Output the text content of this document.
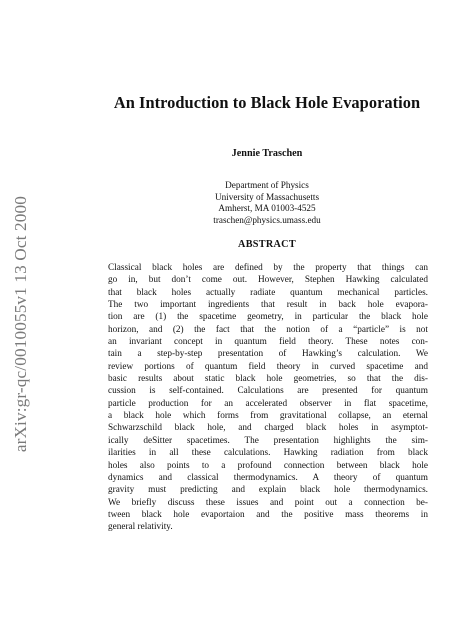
arXiv:gr-qc/0010055v1 13 Oct 2000
An Introduction to Black Hole Evaporation

Jennie Traschen

Department of Physics
University of Massachusetts
Amherst, MA 01003-4525
traschen@physics.umass.edu
ABSTRACT
Classical black holes are defined by the property that things can
go in, but don’t come out. However, Stephen Hawking calculated
that black holes actually radiate quantum mechanical particles.
The two important ingredients that result in back hole evapora-
tion are (1) the spacetime geometry, in particular the black hole
horizon, and (2) the fact that the notion of a “particle” is not
an invariant concept in quantum field theory. These notes con-
tain a step-by-step presentation of Hawking’s calculation. We
review portions of quantum field theory in curved spacetime and
basic results about static black hole geometries, so that the dis-
cussion is self-contained. Calculations are presented for quantum
particle production for an accelerated observer in flat spacetime,
a black hole which forms from gravitational collapse, an eternal
Schwarzschild black hole, and charged black holes in asymptot-
ically deSitter spacetimes. The presentation highlights the sim-
ilarities in all these calculations. Hawking radiation from black
holes also points to a profound connection between black hole
dynamics and classical thermodynamics. A theory of quantum
gravity must predicting and explain black hole thermodynamics.
We briefly discuss these issues and point out a connection be-
tween black hole evaportaion and the positive mass theorems in
general relativity.
